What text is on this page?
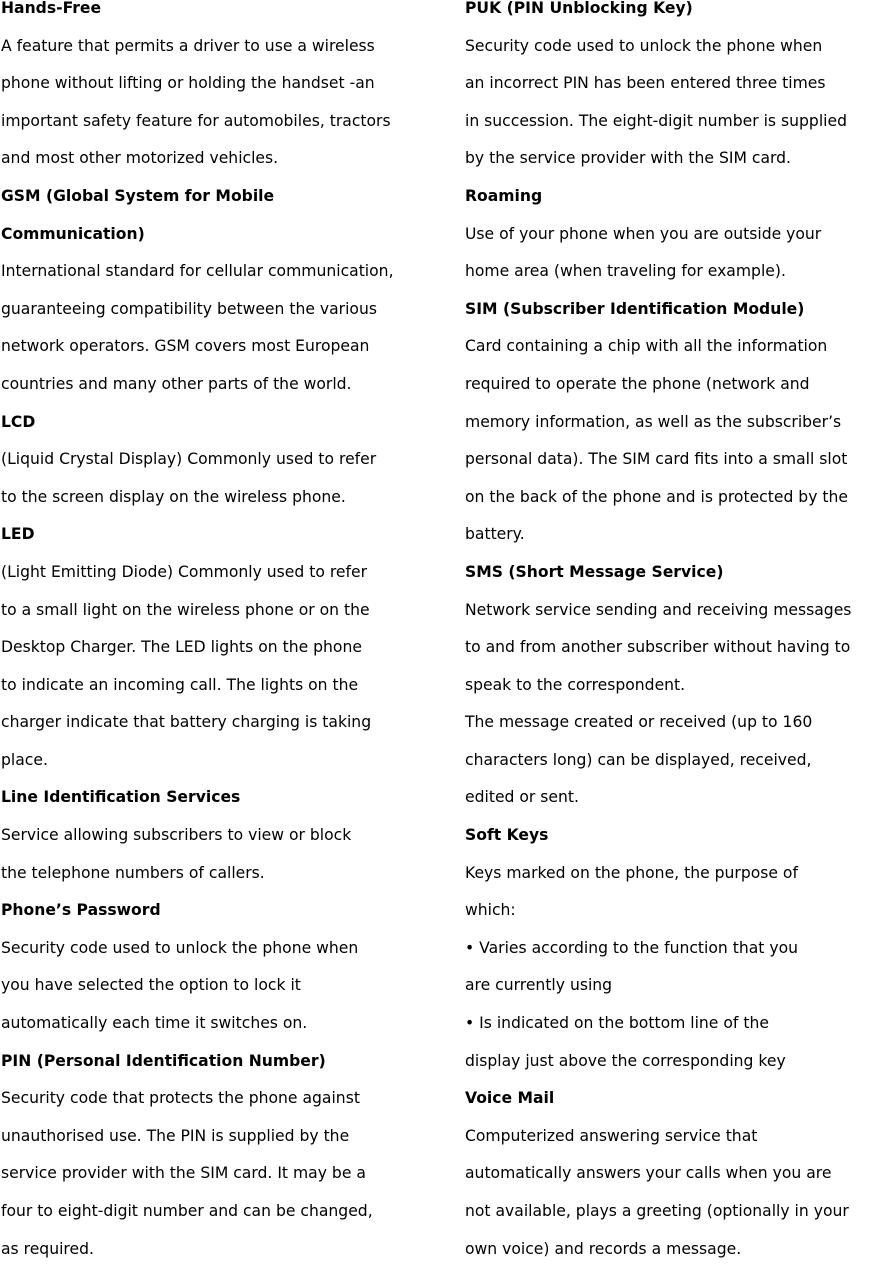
Hands-Free
A feature that permits a driver to use a wireless
phone without lifting or holding the handset -an
important safety feature for automobiles, tractors
and most other motorized vehicles.
GSM (Global System for Mobile
Communication)
International standard for cellular communication,
guaranteeing compatibility between the various
network operators. GSM covers most European
countries and many other parts of the world.
LCD
(Liquid Crystal Display) Commonly used to refer
to the screen display on the wireless phone.
LED
(Light Emitting Diode) Commonly used to refer
to a small light on the wireless phone or on the
Desktop Charger. The LED lights on the phone
to indicate an incoming call. The lights on the
charger indicate that battery charging is taking
place.
Line Identification Services
Service allowing subscribers to view or block
the telephone numbers of callers.
Phone’s Password
Security code used to unlock the phone when
you have selected the option to lock it
automatically each time it switches on.
PIN (Personal Identification Number)
Security code that protects the phone against
unauthorised use. The PIN is supplied by the
service provider with the SIM card. It may be a
four to eight-digit number and can be changed,
as required.
PUK (PIN Unblocking Key)
Security code used to unlock the phone when
an incorrect PIN has been entered three times
in succession. The eight-digit number is supplied
by the service provider with the SIM card.
Roaming
Use of your phone when you are outside your
home area (when traveling for example).
SIM (Subscriber Identification Module)
Card containing a chip with all the information
required to operate the phone (network and
memory information, as well as the subscriber’s
personal data). The SIM card fits into a small slot
on the back of the phone and is protected by the
battery.
SMS (Short Message Service)
Network service sending and receiving messages
to and from another subscriber without having to
speak to the correspondent.
The message created or received (up to 160
characters long) can be displayed, received,
edited or sent.
Soft Keys
Keys marked on the phone, the purpose of
which:
• Varies according to the function that you
are currently using
• Is indicated on the bottom line of the
display just above the corresponding key
Voice Mail
Computerized answering service that
automatically answers your calls when you are
not available, plays a greeting (optionally in your
own voice) and records a message.
